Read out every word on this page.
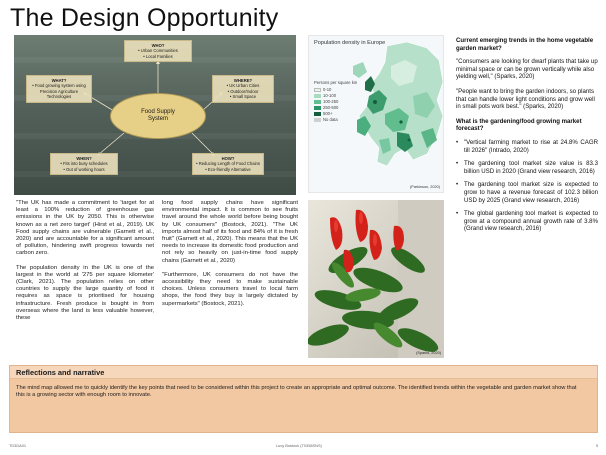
The Design Opportunity
WHO?
• Urban Communities
• Local Families
WHAT?
• Food growing system using Precision Agriculture Technologies
WHERE?
• UK Urban Cities
• Outdoor/Indoor
• Small Space
WHEN?
• Fits into busy schedules
• Out of working hours
HOW?
• Reducing Length of Food Chains
• Eco-friendly Alternative
Food Supply System
Population density in Europe
Persons per square km
0-10
10-100
100-250
250-500
500+
No data
(Parkinson, 2020)
(Sparks, 2020)
Current emerging trends in the home vegetable garden market?

"Consumers are looking for dwarf plants that take up minimal space or can be grown vertically while also yielding well," (Sparks, 2020)

"People want to bring the garden indoors, so plants that can handle lower light conditions and grow well in small pots work best." (Sparks, 2020)

What is the gardening/food growing market forecast?
• "Vertical farming market to rise at 24.8% CAGR till 2026" (Intrado, 2020)
• The gardening tool market size value is 83.3 billion USD in 2020 (Grand view research, 2016)
• The gardening tool market size is expected to grow to have a revenue forecast of 102.3 billion USD by 2025 (Grand view research, 2016)
• The global gardening tool market is expected to grow at a compound annual growth rate of 3.8% (Grand view research, 2016)

"The UK has made a commitment to 'target for at least a 100% reduction of greenhouse gas emissions in the UK by 2050. This is otherwise known as a net zero target' (Hirst et al., 2019). UK Food supply chains are vulnerable (Garnett et al., 2020) and are accountable for a significant amount of pollution, hindering swift progress towards net carbon zero.

The population density in the UK is one of the largest in the world at '275 per square kilometer' (Clark, 2021). The population relies on other countries to supply the large quantity of food it requires as space is prioritised for housing infrastructure. Fresh produce is bought in from overseas where the land is less valuable however, these

long food supply chains have significant environmental impact. It is common to see fruits travel around the whole world before being bought by UK consumers" (Bostock, 2021). "The UK imports almost half of its food and 84% of it is fresh fruit" (Garnett et al., 2020). This means that the UK needs to increase its domestic food production and not rely so heavily on just-in-time food supply chains (Garnett et al., 2020)

"Furthermore, UK consumers do not have the accessibility they need to make sustainable choices. Unless consumers travel to local farm shops, the food they buy is largely dictated by supermarkets" (Bostock, 2021).

Reflections and narrative
The mind map allowed me to quickly identify the key points that need to be considered within this project to create an appropriate and optimal outcome. The identified trends within the vegetable and garden market show that this is a growing sector with enough room to innovate.
TD3DA01	Lucy Bostock (T0358SNS)	5
